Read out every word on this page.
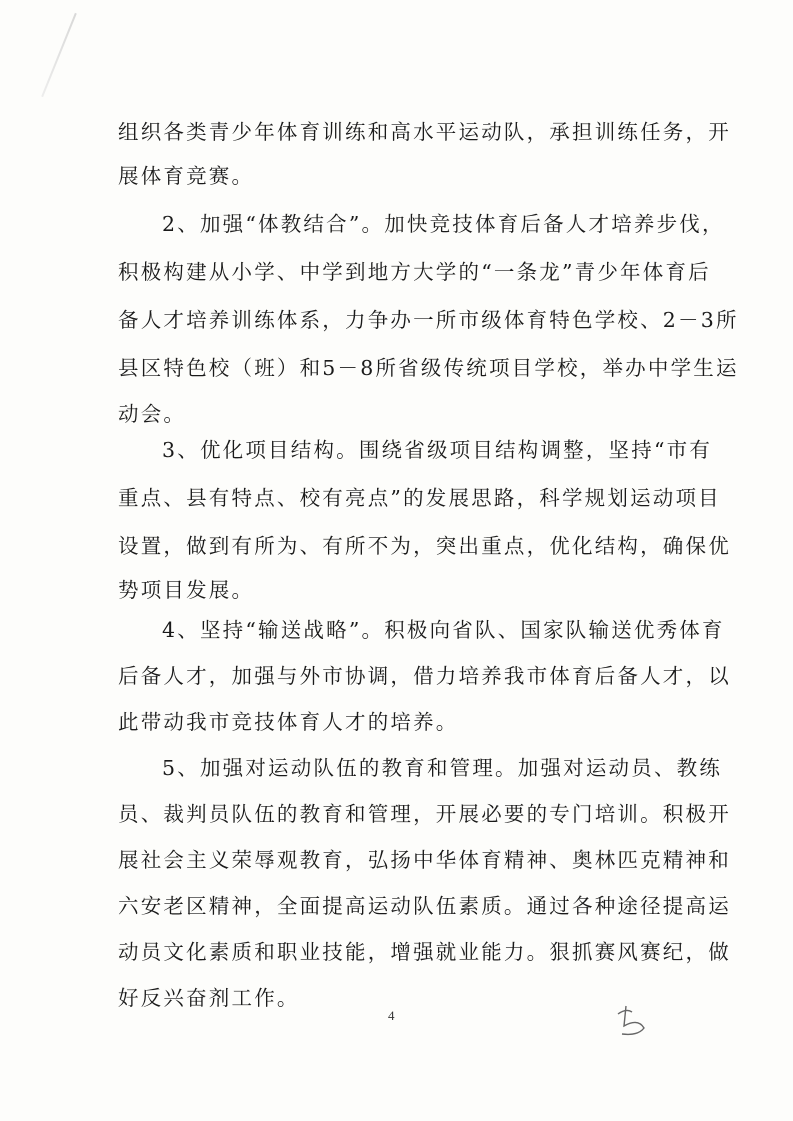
组织各类青少年体育训练和高水平运动队，承担训练任务，开
展体育竞赛。
2、加强“体教结合”。加快竞技体育后备人才培养步伐，
积极构建从小学、中学到地方大学的“一条龙”青少年体育后
备人才培养训练体系，力争办一所市级体育特色学校、2－3所
县区特色校（班）和5－8所省级传统项目学校，举办中学生运
动会。
3、优化项目结构。围绕省级项目结构调整，坚持“市有
重点、县有特点、校有亮点”的发展思路，科学规划运动项目
设置，做到有所为、有所不为，突出重点，优化结构，确保优
势项目发展。
4、坚持“输送战略”。积极向省队、国家队输送优秀体育
后备人才，加强与外市协调，借力培养我市体育后备人才，以
此带动我市竞技体育人才的培养。
5、加强对运动队伍的教育和管理。加强对运动员、教练
员、裁判员队伍的教育和管理，开展必要的专门培训。积极开
展社会主义荣辱观教育，弘扬中华体育精神、奥林匹克精神和
六安老区精神，全面提高运动队伍素质。通过各种途径提高运
动员文化素质和职业技能，增强就业能力。狠抓赛风赛纪，做
好反兴奋剂工作。
4
